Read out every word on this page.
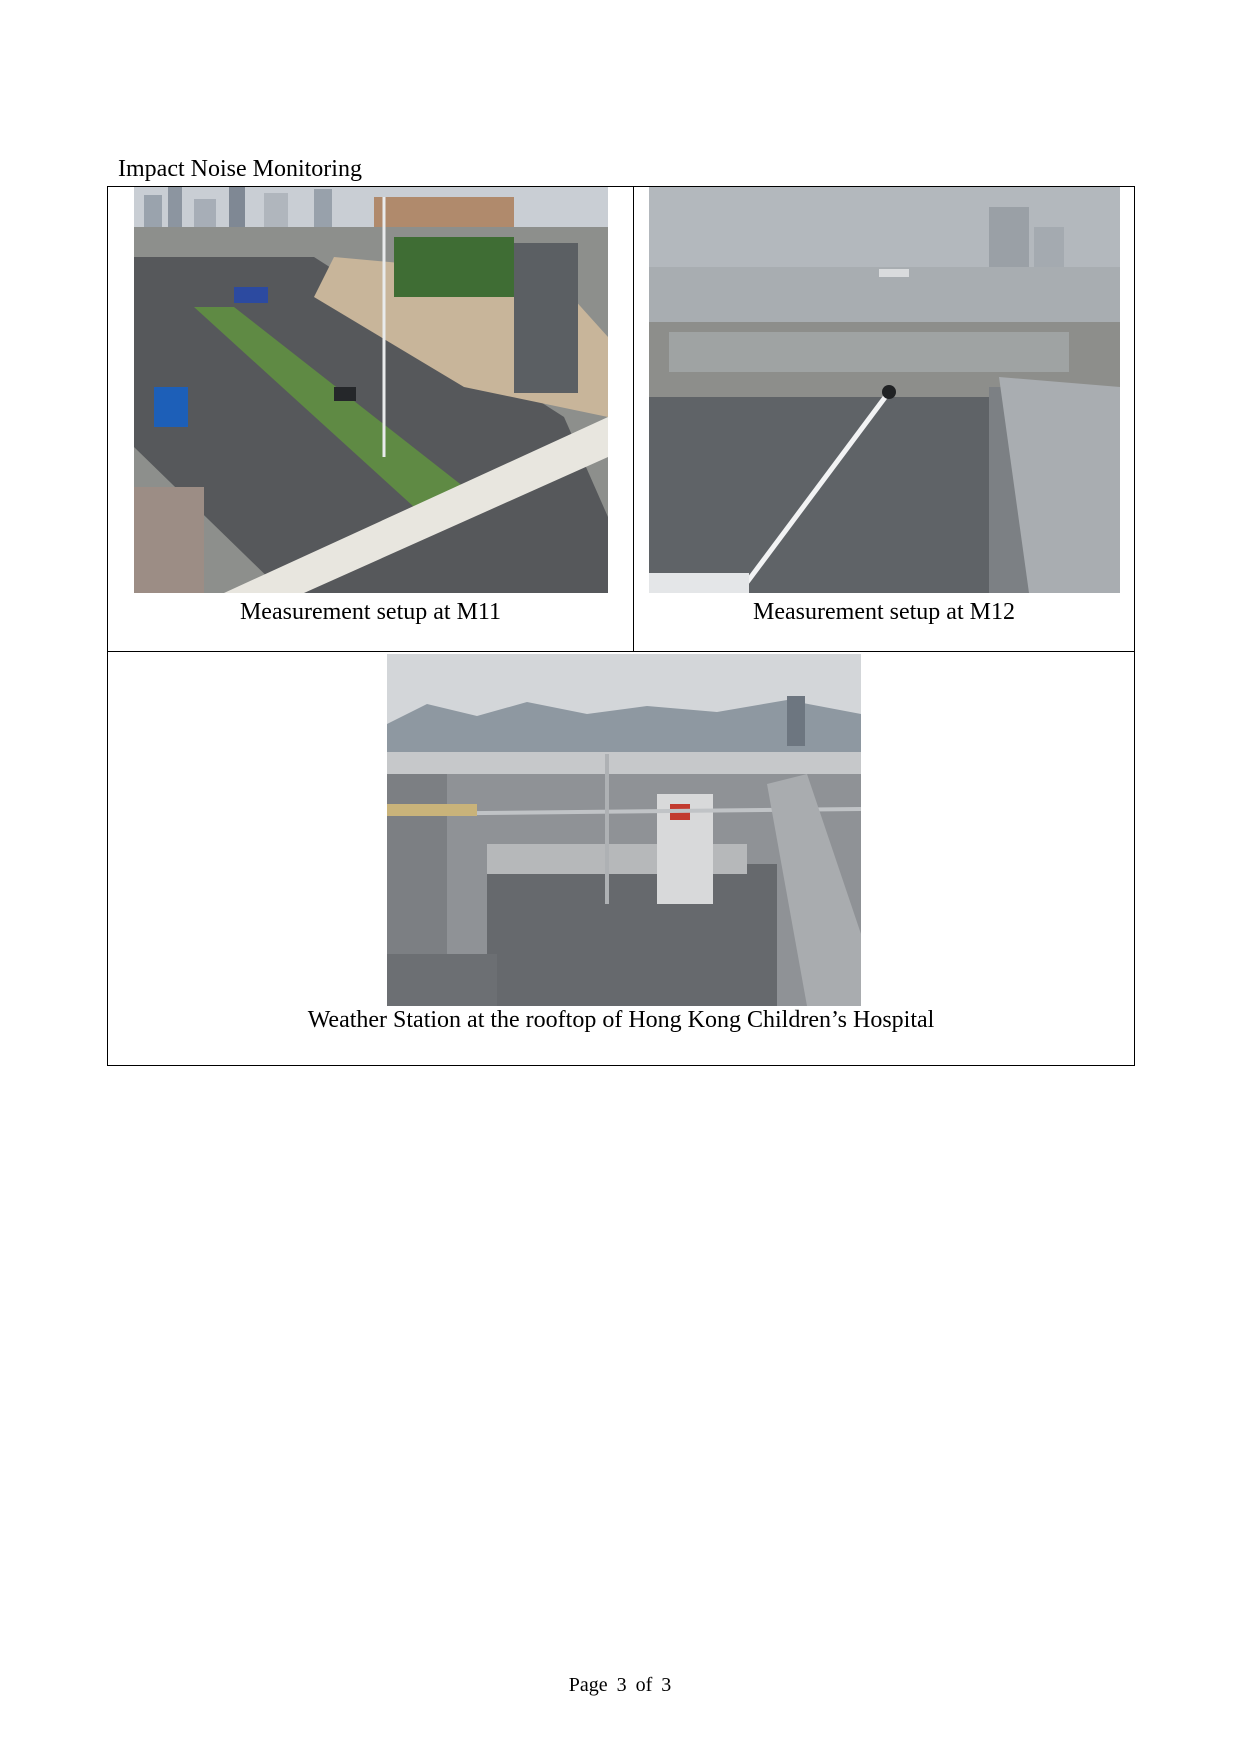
Impact Noise Monitoring
Measurement setup at M11	Measurement setup at M12
Weather Station at the rooftop of Hong Kong Children’s Hospital
Page 3 of 3
